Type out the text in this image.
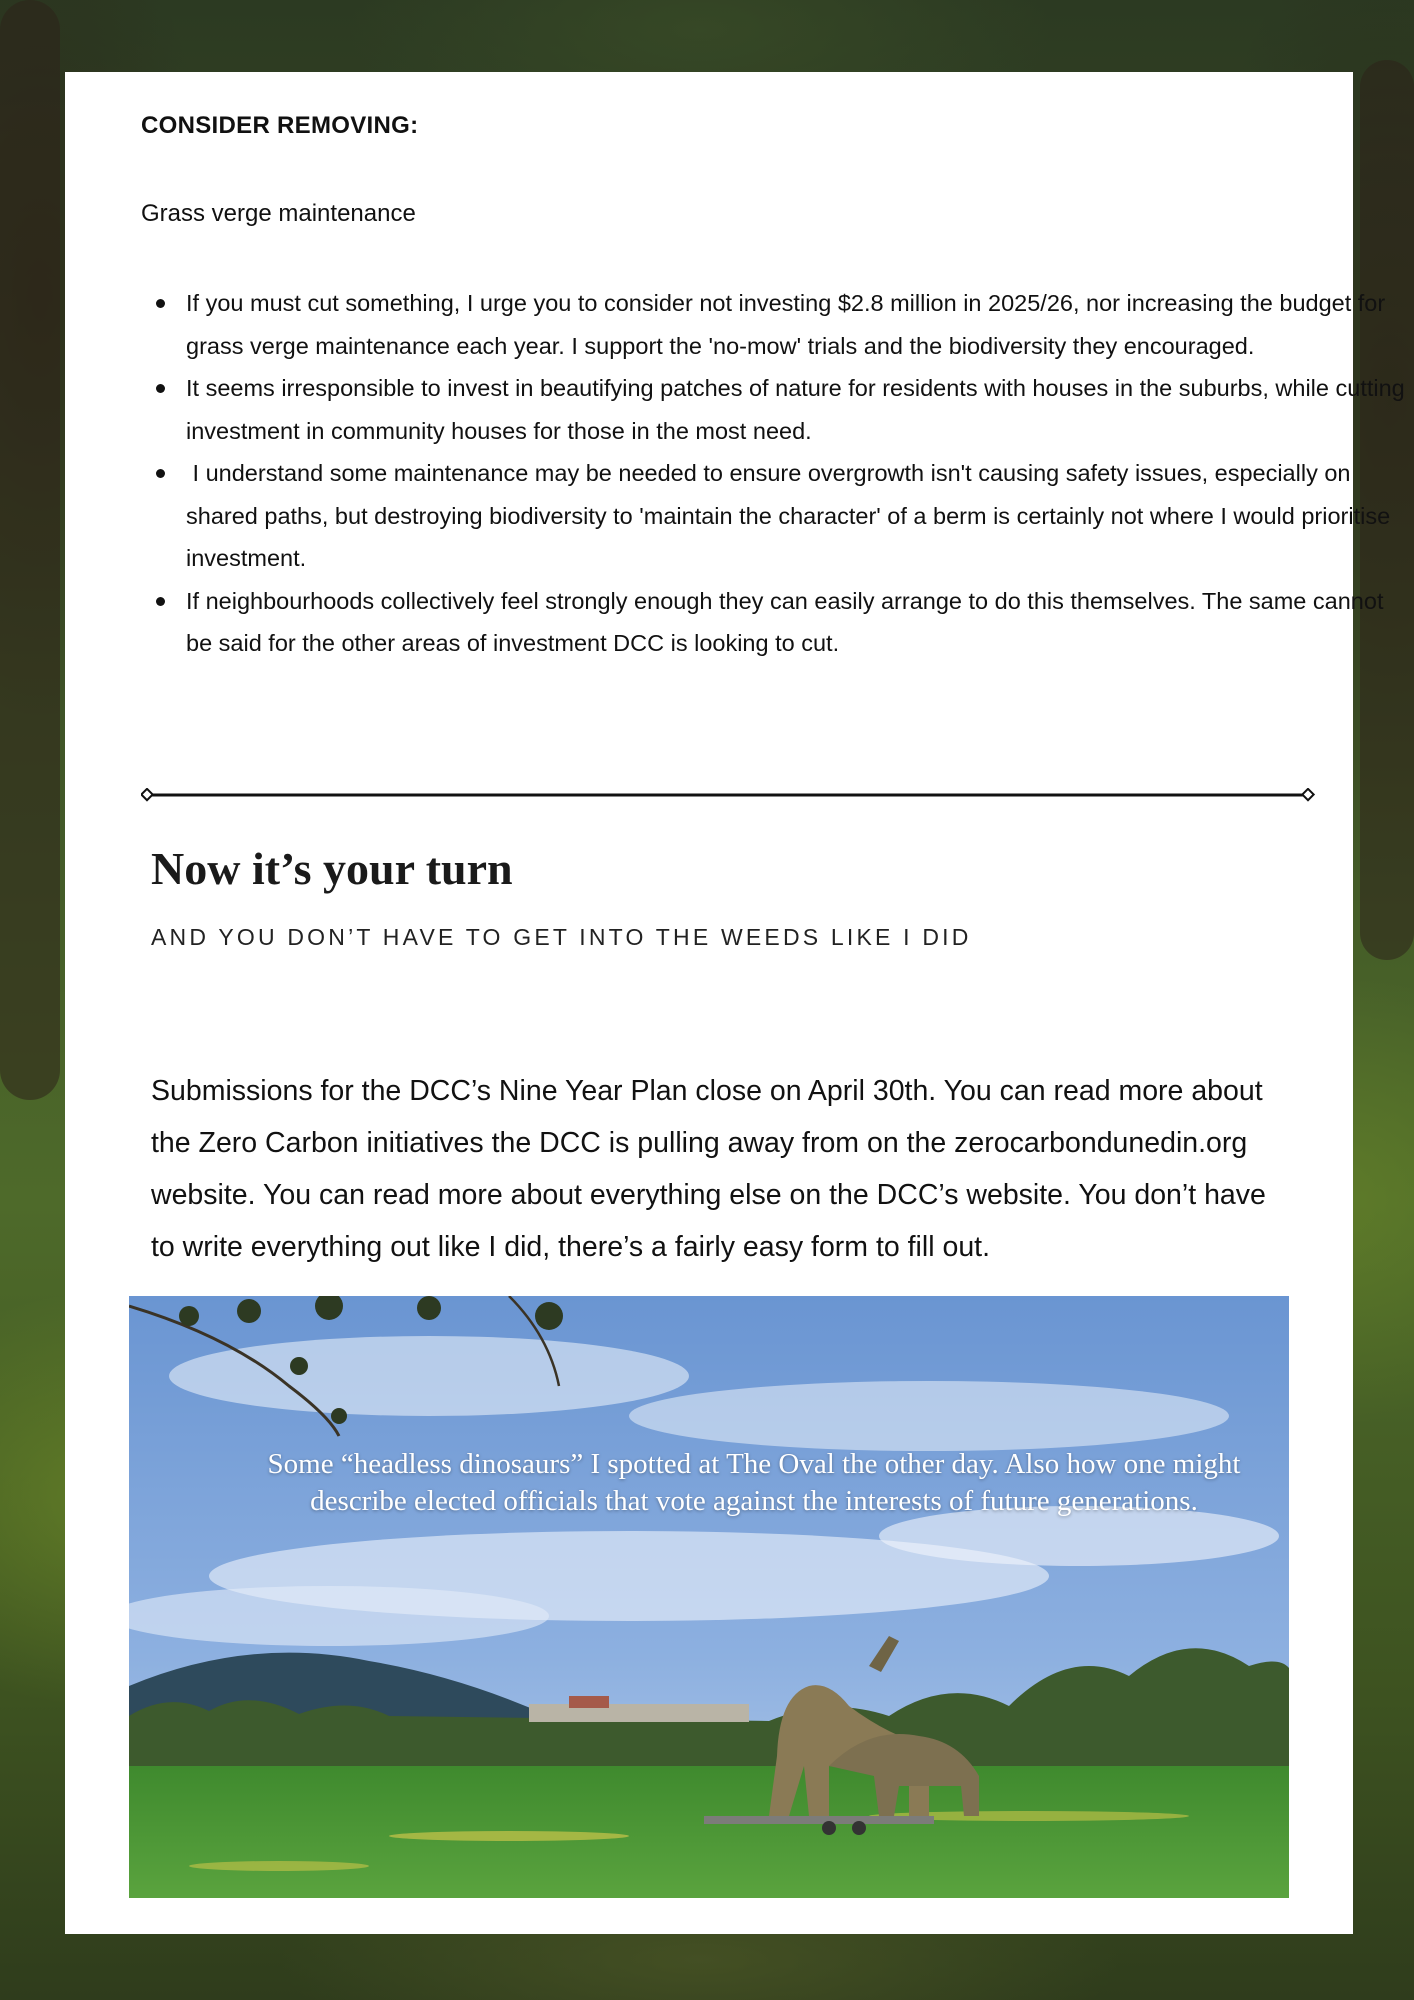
CONSIDER REMOVING:
Grass verge maintenance
If you must cut something, I urge you to consider not investing $2.8 million in 2025/26, nor increasing the budget for grass verge maintenance each year. I support the 'no-mow' trials and the biodiversity they encouraged.
It seems irresponsible to invest in beautifying patches of nature for residents with houses in the suburbs, while cutting investment in community houses for those in the most need.
I understand some maintenance may be needed to ensure overgrowth isn't causing safety issues, especially on shared paths, but destroying biodiversity to 'maintain the character' of a berm is certainly not where I would prioritise investment.
If neighbourhoods collectively feel strongly enough they can easily arrange to do this themselves. The same cannot be said for the other areas of investment DCC is looking to cut.
Now it’s your turn
AND YOU DON’T HAVE TO GET INTO THE WEEDS LIKE I DID

Submissions for the DCC’s Nine Year Plan close on April 30th. You can read more about the Zero Carbon initiatives the DCC is pulling away from on the zerocarbondunedin.org website. You can read more about everything else on the DCC’s website. You don’t have to write everything out like I did, there’s a fairly easy form to fill out.

Some “headless dinosaurs” I spotted at The Oval the other day. Also how one might describe elected officials that vote against the interests of future generations.
